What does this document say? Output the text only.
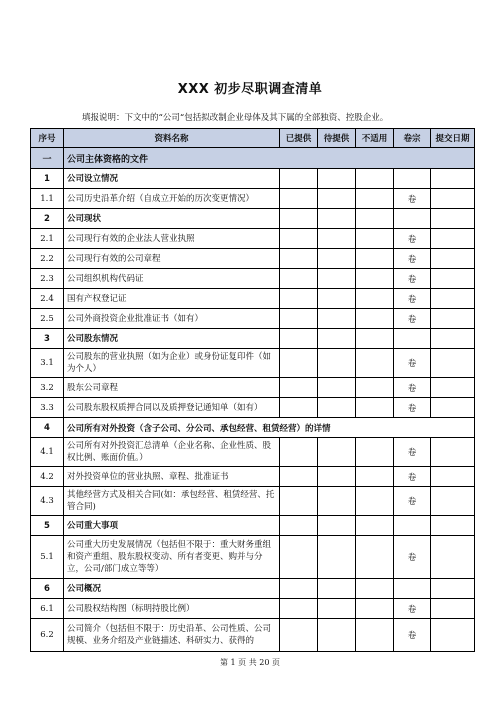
XXX 初步尽职调查清单
填报说明：下文中的“公司“包括拟改制企业母体及其下属的全部独资、控股企业。
序号	资料名称	已提供	待提供	不适用	卷宗	提交日期
一	公司主体资格的文件					
1	公司设立情况					
1.1	公司历史沿革介绍（自成立开始的历次变更情况）				卷	
2	公司现状					
2.1	公司现行有效的企业法人营业执照				卷	
2.2	公司现行有效的公司章程				卷	
2.3	公司组织机构代码证				卷	
2.4	国有产权登记证				卷	
2.5	公司外商投资企业批准证书（如有）				卷	
3	公司股东情况					
3.1	公司股东的营业执照（如为企业）或身份证复印件（如为个人）				卷	
3.2	股东公司章程				卷	
3.3	公司股东股权质押合同以及质押登记通知单（如有）				卷	
4	公司所有对外投资（含子公司、分公司、承包经营、租赁经营）的详情					
4.1	公司所有对外投资汇总清单（企业名称、企业性质、股权比例、账面价值。）				卷	
4.2	对外投资单位的营业执照、章程、批准证书				卷	
4.3	其他经营方式及相关合同(如：承包经营、租赁经营、托管合同)				卷	
5	公司重大事项					
5.1	公司重大历史发展情况（包括但不限于：重大财务重组和资产重组、股东股权变动、所有者变更、购并与分立，公司/部门成立等等）				卷	
6	公司概况					
6.1	公司股权结构图（标明持股比例）				卷	
6.2	公司简介（包括但不限于：历史沿革、公司性质、公司规模、业务介绍及产业链描述、科研实力、获得的				卷	
第 1 页 共 20 页
